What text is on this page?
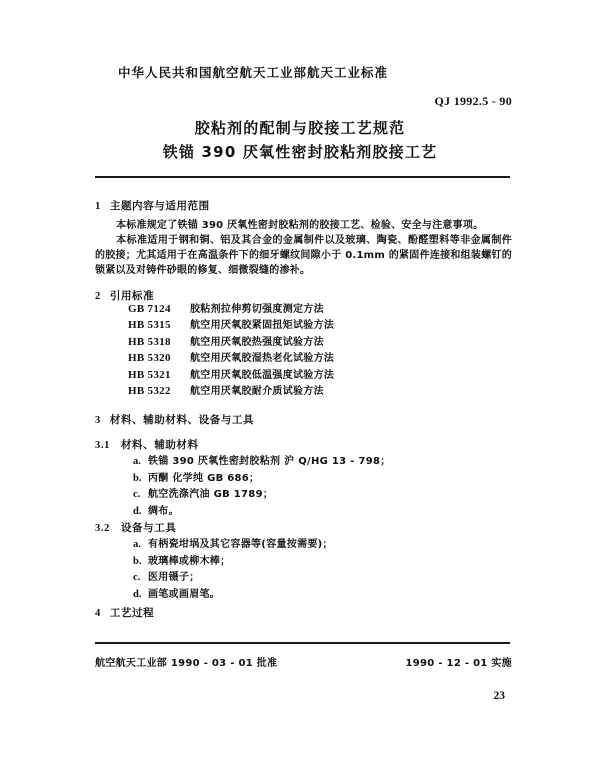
中华人民共和国航空航天工业部航天工业标准
QJ 1992.5 - 90
胶粘剂的配制与胶接工艺规范
铁锚 390 厌氧性密封胶粘剂胶接工艺
1 主题内容与适用范围
本标准规定了铁锚 390 厌氧性密封胶粘剂的胶接工艺、检验、安全与注意事项。
本标准适用于钢和铜、铝及其合金的金属制件以及玻璃、陶瓷、酚醛塑料等非金属制件的胶接；尤其适用于在高温条件下的细牙螺纹间隙小于 0.1mm 的紧固件连接和组装螺钉的锁紧以及对铸件砂眼的修复、细微裂缝的渗补。
2 引用标准
GB 7124	胶粘剂拉伸剪切强度测定方法
HB 5315	航空用厌氧胶紧固扭矩试验方法
HB 5318	航空用厌氧胶热强度试验方法
HB 5320	航空用厌氧胶湿热老化试验方法
HB 5321	航空用厌氧胶低温强度试验方法
HB 5322	航空用厌氧胶耐介质试验方法
3 材料、辅助材料、设备与工具
3.1 材料、辅助材料
a. 铁锚 390 厌氧性密封胶粘剂 沪 Q/HG 13 - 798；
b. 丙酮 化学纯 GB 686；
c. 航空洗涤汽油 GB 1789；
d. 绸布。
3.2 设备与工具
a. 有柄瓷坩埚及其它容器等(容量按需要)；
b. 玻璃棒或柳木棒；
c. 医用镊子；
d. 画笔或画眉笔。
4 工艺过程
航空航天工业部 1990 - 03 - 01 批准	1990 - 12 - 01 实施
23
